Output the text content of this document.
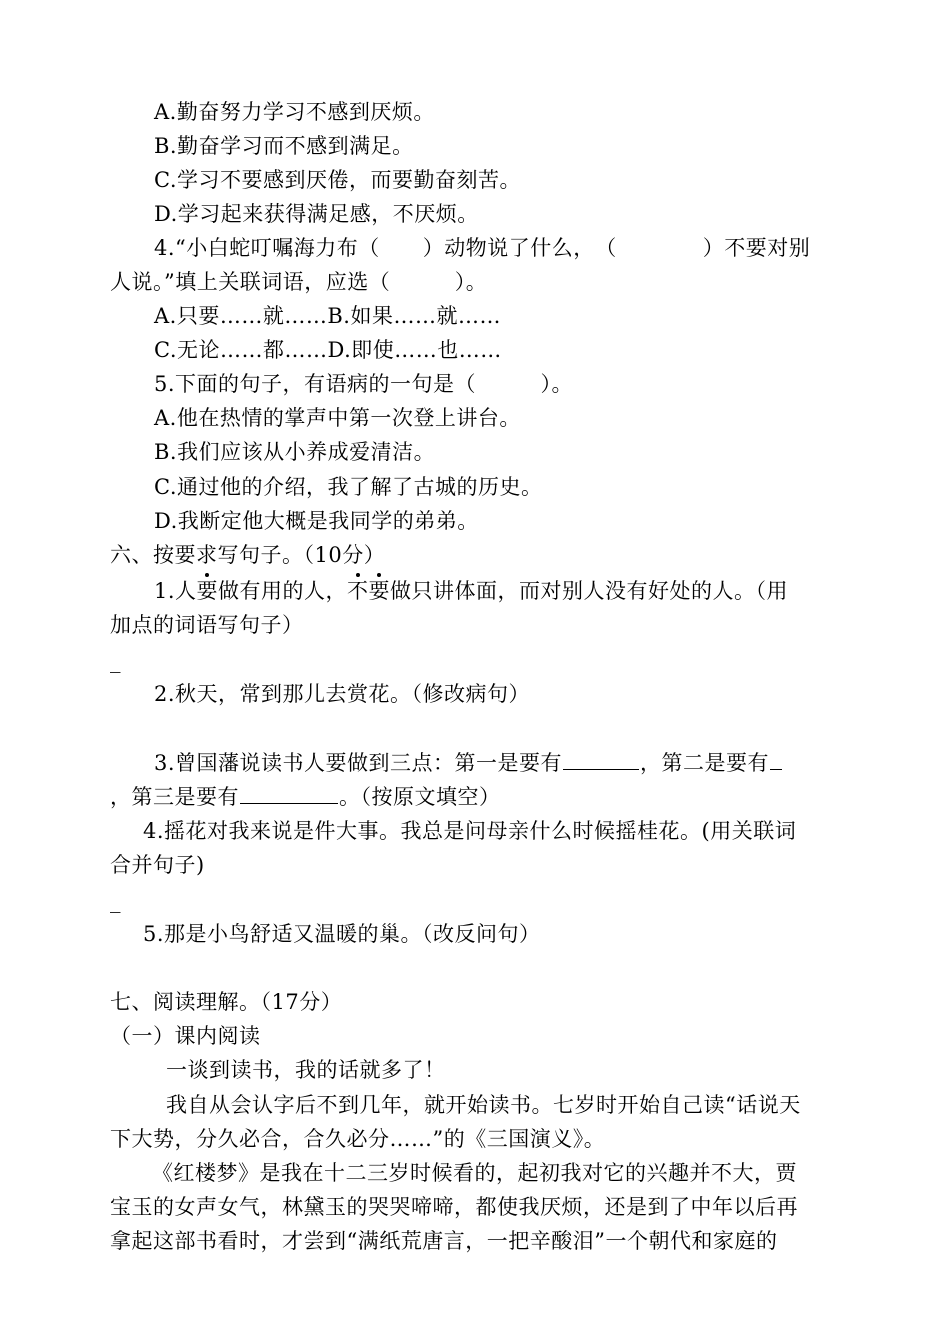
A.勤奋努力学习不感到厌烦。
B.勤奋学习而不感到满足。
C.学习不要感到厌倦，而要勤奋刻苦。
D.学习起来获得满足感，不厌烦。
4.“小白蛇叮嘱海力布（　　）动物说了什么，　（　　　　）不要对别
人说。”填上关联词语，应选（　　　）。
A.只要……就……B.如果……就……
C.无论……都……D.即使……也……
5.下面的句子，有语病的一句是（　　　）。
A.他在热情的掌声中第一次登上讲台。
B.我们应该从小养成爱清洁。
C.通过他的介绍，我了解了古城的历史。
D.我断定他大概是我同学的弟弟。
六、按要求写句子。（10分）
1.人要做有用的人，不要做只讲体面，而对别人没有好处的人。（用
加点的词语写句子）
_
2.秋天，常到那儿去赏花。（修改病句）
3.曾国藩说读书人要做到三点：第一是要有	，第二是要有
，第三是要有	。（按原文填空）
4.摇花对我来说是件大事。我总是问母亲什么时候摇桂花。(用关联词
合并句子)
_
5.那是小鸟舒适又温暖的巢。（改反问句）
七、阅读理解。（17分）
（一）课内阅读
一谈到读书，我的话就多了！
我自从会认字后不到几年，就开始读书。七岁时开始自己读“话说天
下大势，分久必合，合久必分……”的《三国演义》。
《红楼梦》是我在十二三岁时候看的，起初我对它的兴趣并不大，贾
宝玉的女声女气，林黛玉的哭哭啼啼，都使我厌烦，还是到了中年以后再
拿起这部书看时，才尝到“满纸荒唐言，一把辛酸泪”一个朝代和家庭的
